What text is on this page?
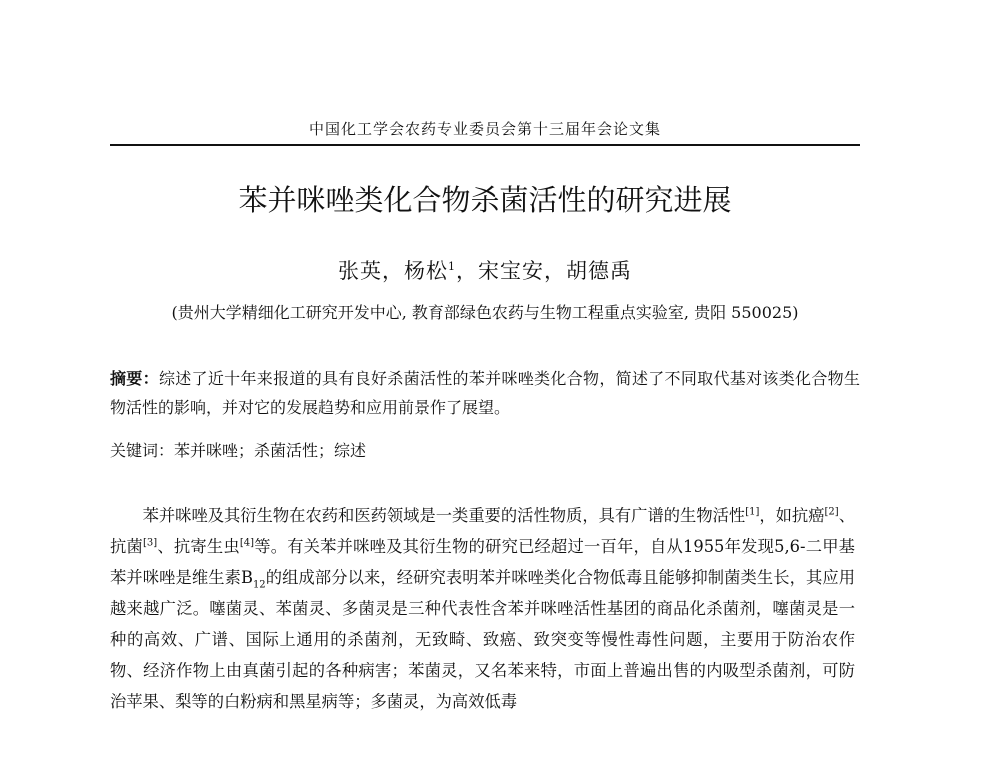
中国化工学会农药专业委员会第十三届年会论文集
苯并咪唑类化合物杀菌活性的研究进展
张英，杨松$^1$，宋宝安，胡德禹
(贵州大学精细化工研究开发中心, 教育部绿色农药与生物工程重点实验室, 贵阳 550025)
摘要：综述了近十年来报道的具有良好杀菌活性的苯并咪唑类化合物，简述了不同取代基对该类化合物生物活性的影响，并对它的发展趋势和应用前景作了展望。
关键词：苯并咪唑；杀菌活性；综述

苯并咪唑及其衍生物在农药和医药领域是一类重要的活性物质，具有广谱的生物活性[1]，如抗癌[2]、抗菌[3]、抗寄生虫[4]等。有关苯并咪唑及其衍生物的研究已经超过一百年，自从1955年发现5,6-二甲基苯并咪唑是维生素$B_{12}$的组成部分以来，经研究表明苯并咪唑类化合物低毒且能够抑制菌类生长，其应用越来越广泛。噻菌灵、苯菌灵、多菌灵是三种代表性含苯并咪唑活性基团的商品化杀菌剂，噻菌灵是一种的高效、广谱、国际上通用的杀菌剂，无致畸、致癌、致突变等慢性毒性问题，主要用于防治农作物、经济作物上由真菌引起的各种病害；苯菌灵，又名苯来特，市面上普遍出售的内吸型杀菌剂，可防治苹果、梨等的白粉病和黑星病等；多菌灵，为高效低毒
